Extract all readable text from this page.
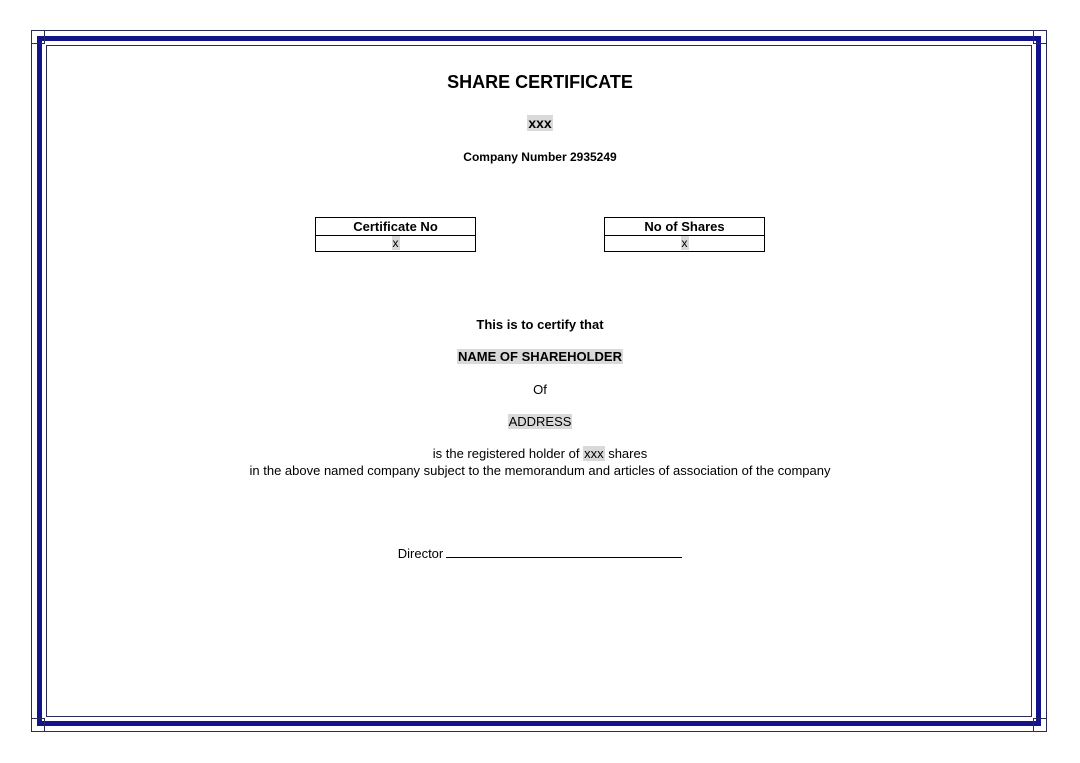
SHARE CERTIFICATE
xxx
Company Number 2935249
Certificate No
x
No of Shares
x
This is to certify that
NAME OF SHAREHOLDER
Of
ADDRESS
is the registered holder of xxx shares
in the above named company subject to the memorandum and articles of association of the company
Director
